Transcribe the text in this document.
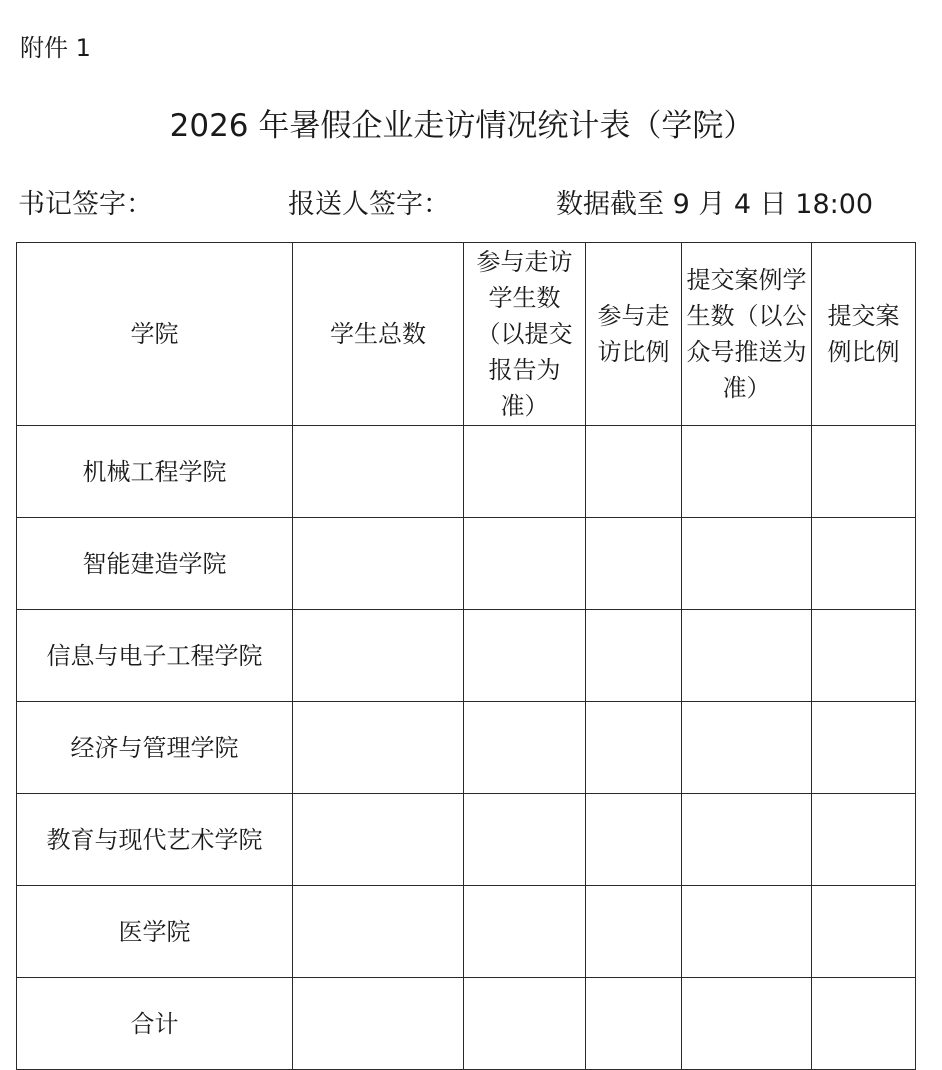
附件 1
2026 年暑假企业走访情况统计表（学院）
书记签字：	报送人签字：	数据截至 9 月 4 日 18:00
学院	学生总数	参与走访学生数（以提交报告为准）	参与走访比例	提交案例学生数（以公众号推送为准）	提交案例比例

机械工程学院					
智能建造学院					
信息与电子工程学院					
经济与管理学院					
教育与现代艺术学院					
医学院					
合计					
